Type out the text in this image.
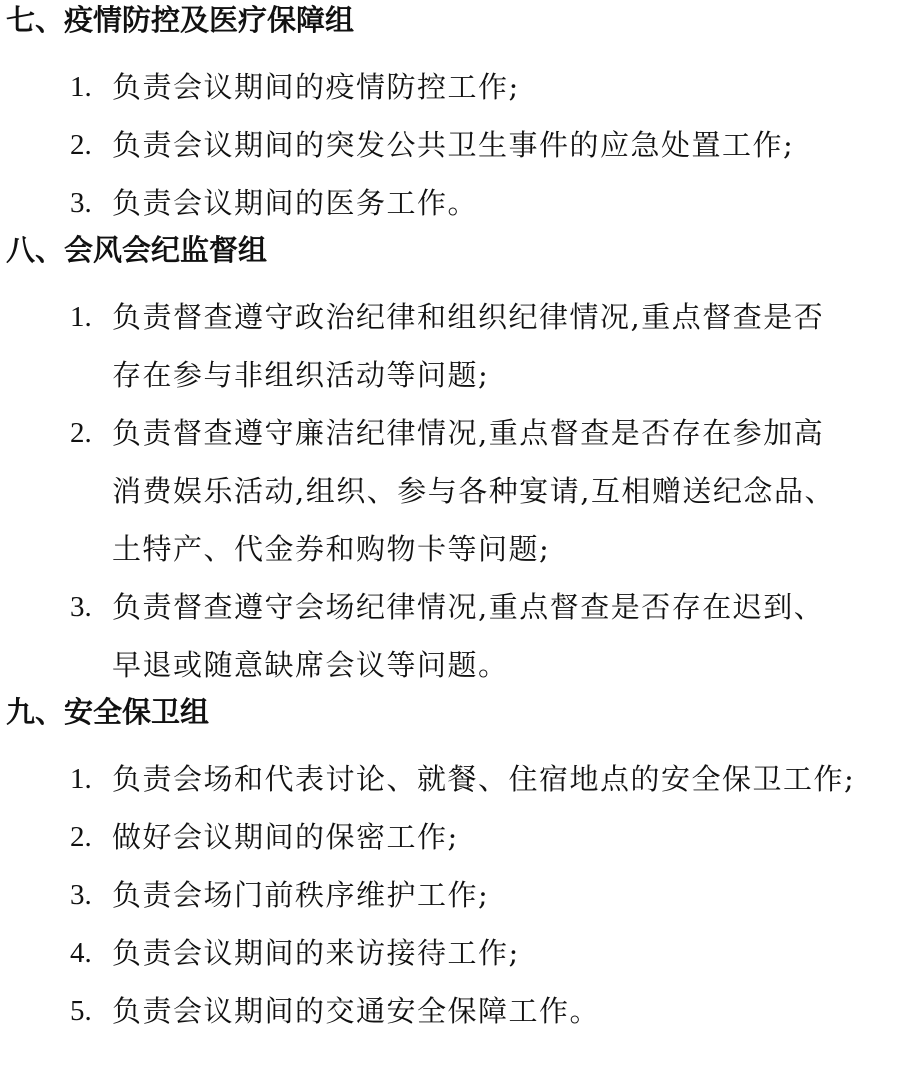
七、疫情防控及医疗保障组
1. 负责会议期间的疫情防控工作;
2. 负责会议期间的突发公共卫生事件的应急处置工作;
3. 负责会议期间的医务工作。
八、会风会纪监督组
1. 负责督查遵守政治纪律和组织纪律情况,重点督查是否
存在参与非组织活动等问题;
2. 负责督查遵守廉洁纪律情况,重点督查是否存在参加高
消费娱乐活动,组织、参与各种宴请,互相赠送纪念品、
土特产、代金券和购物卡等问题;
3. 负责督查遵守会场纪律情况,重点督查是否存在迟到、
早退或随意缺席会议等问题。
九、安全保卫组
1. 负责会场和代表讨论、就餐、住宿地点的安全保卫工作;
2. 做好会议期间的保密工作;
3. 负责会场门前秩序维护工作;
4. 负责会议期间的来访接待工作;
5. 负责会议期间的交通安全保障工作。
